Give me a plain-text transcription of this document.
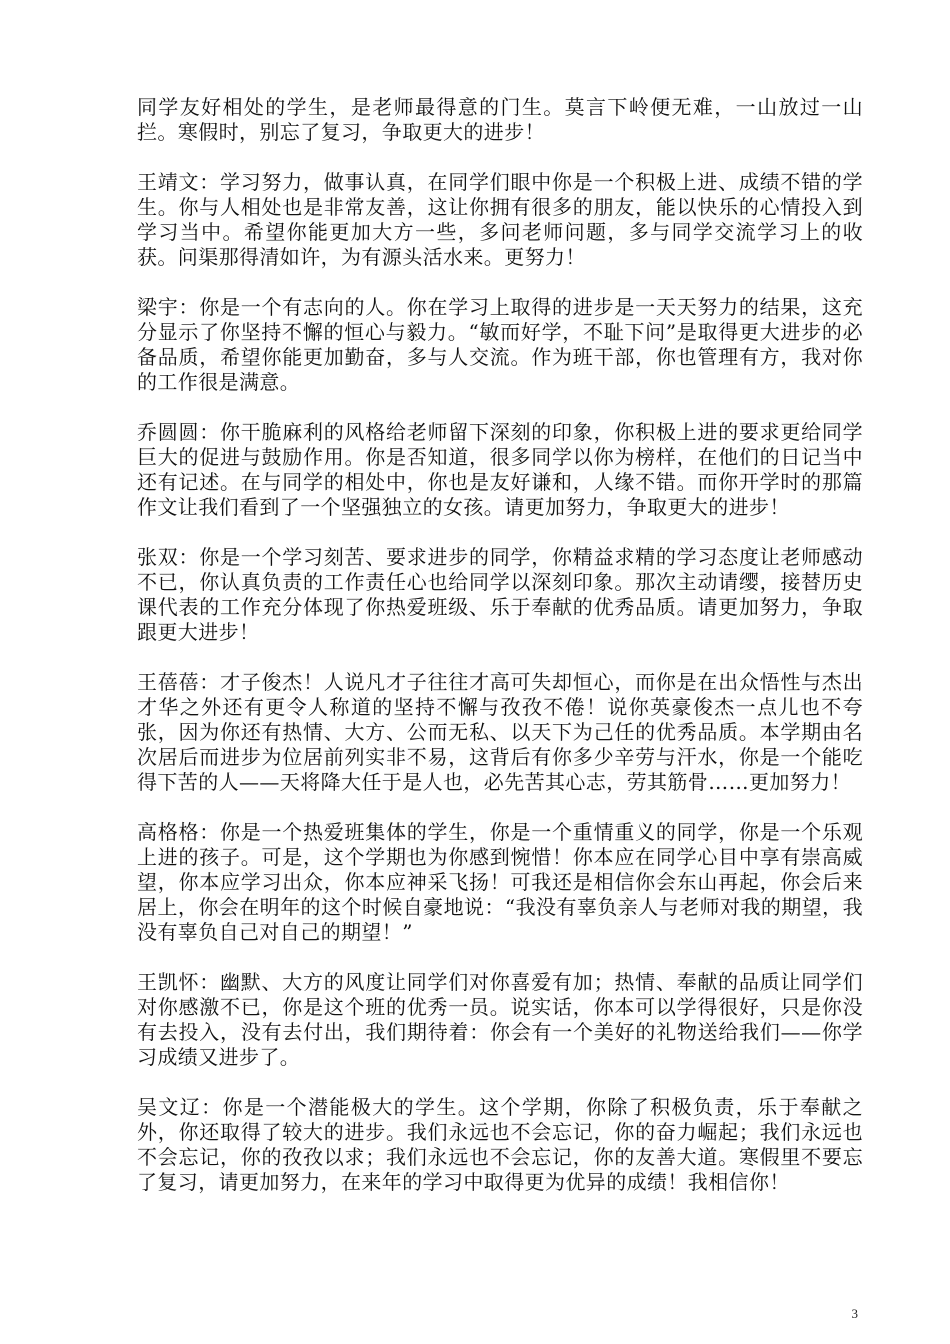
同学友好相处的学生，是老师最得意的门生。莫言下岭便无难，一山放过一山拦。寒假时，别忘了复习，争取更大的进步！

王靖文：学习努力，做事认真，在同学们眼中你是一个积极上进、成绩不错的学生。你与人相处也是非常友善，这让你拥有很多的朋友，能以快乐的心情投入到学习当中。希望你能更加大方一些，多问老师问题，多与同学交流学习上的收获。问渠那得清如许，为有源头活水来。更努力！

梁宇：你是一个有志向的人。你在学习上取得的进步是一天天努力的结果，这充分显示了你坚持不懈的恒心与毅力。“敏而好学，不耻下问”是取得更大进步的必备品质，希望你能更加勤奋，多与人交流。作为班干部，你也管理有方，我对你的工作很是满意。

乔圆圆：你干脆麻利的风格给老师留下深刻的印象，你积极上进的要求更给同学巨大的促进与鼓励作用。你是否知道，很多同学以你为榜样，在他们的日记当中还有记述。在与同学的相处中，你也是友好谦和，人缘不错。而你开学时的那篇作文让我们看到了一个坚强独立的女孩。请更加努力，争取更大的进步！

张双：你是一个学习刻苦、要求进步的同学，你精益求精的学习态度让老师感动不已，你认真负责的工作责任心也给同学以深刻印象。那次主动请缨，接替历史课代表的工作充分体现了你热爱班级、乐于奉献的优秀品质。请更加努力，争取跟更大进步！

王蓓蓓：才子俊杰！人说凡才子往往才高可失却恒心，而你是在出众悟性与杰出才华之外还有更令人称道的坚持不懈与孜孜不倦！说你英豪俊杰一点儿也不夸张，因为你还有热情、大方、公而无私、以天下为己任的优秀品质。本学期由名次居后而进步为位居前列实非不易，这背后有你多少辛劳与汗水，你是一个能吃得下苦的人——天将降大任于是人也，必先苦其心志，劳其筋骨……更加努力！

高格格：你是一个热爱班集体的学生，你是一个重情重义的同学，你是一个乐观上进的孩子。可是，这个学期也为你感到惋惜！你本应在同学心目中享有崇高威望，你本应学习出众，你本应神采飞扬！可我还是相信你会东山再起，你会后来居上，你会在明年的这个时候自豪地说：“我没有辜负亲人与老师对我的期望，我没有辜负自己对自己的期望！”

王凯怀：幽默、大方的风度让同学们对你喜爱有加；热情、奉献的品质让同学们对你感激不已，你是这个班的优秀一员。说实话，你本可以学得很好，只是你没有去投入，没有去付出，我们期待着：你会有一个美好的礼物送给我们——你学习成绩又进步了。

吴文辽：你是一个潜能极大的学生。这个学期，你除了积极负责，乐于奉献之外，你还取得了较大的进步。我们永远也不会忘记，你的奋力崛起；我们永远也不会忘记，你的孜孜以求；我们永远也不会忘记，你的友善大道。寒假里不要忘了复习，请更加努力，在来年的学习中取得更为优异的成绩！我相信你！

3
